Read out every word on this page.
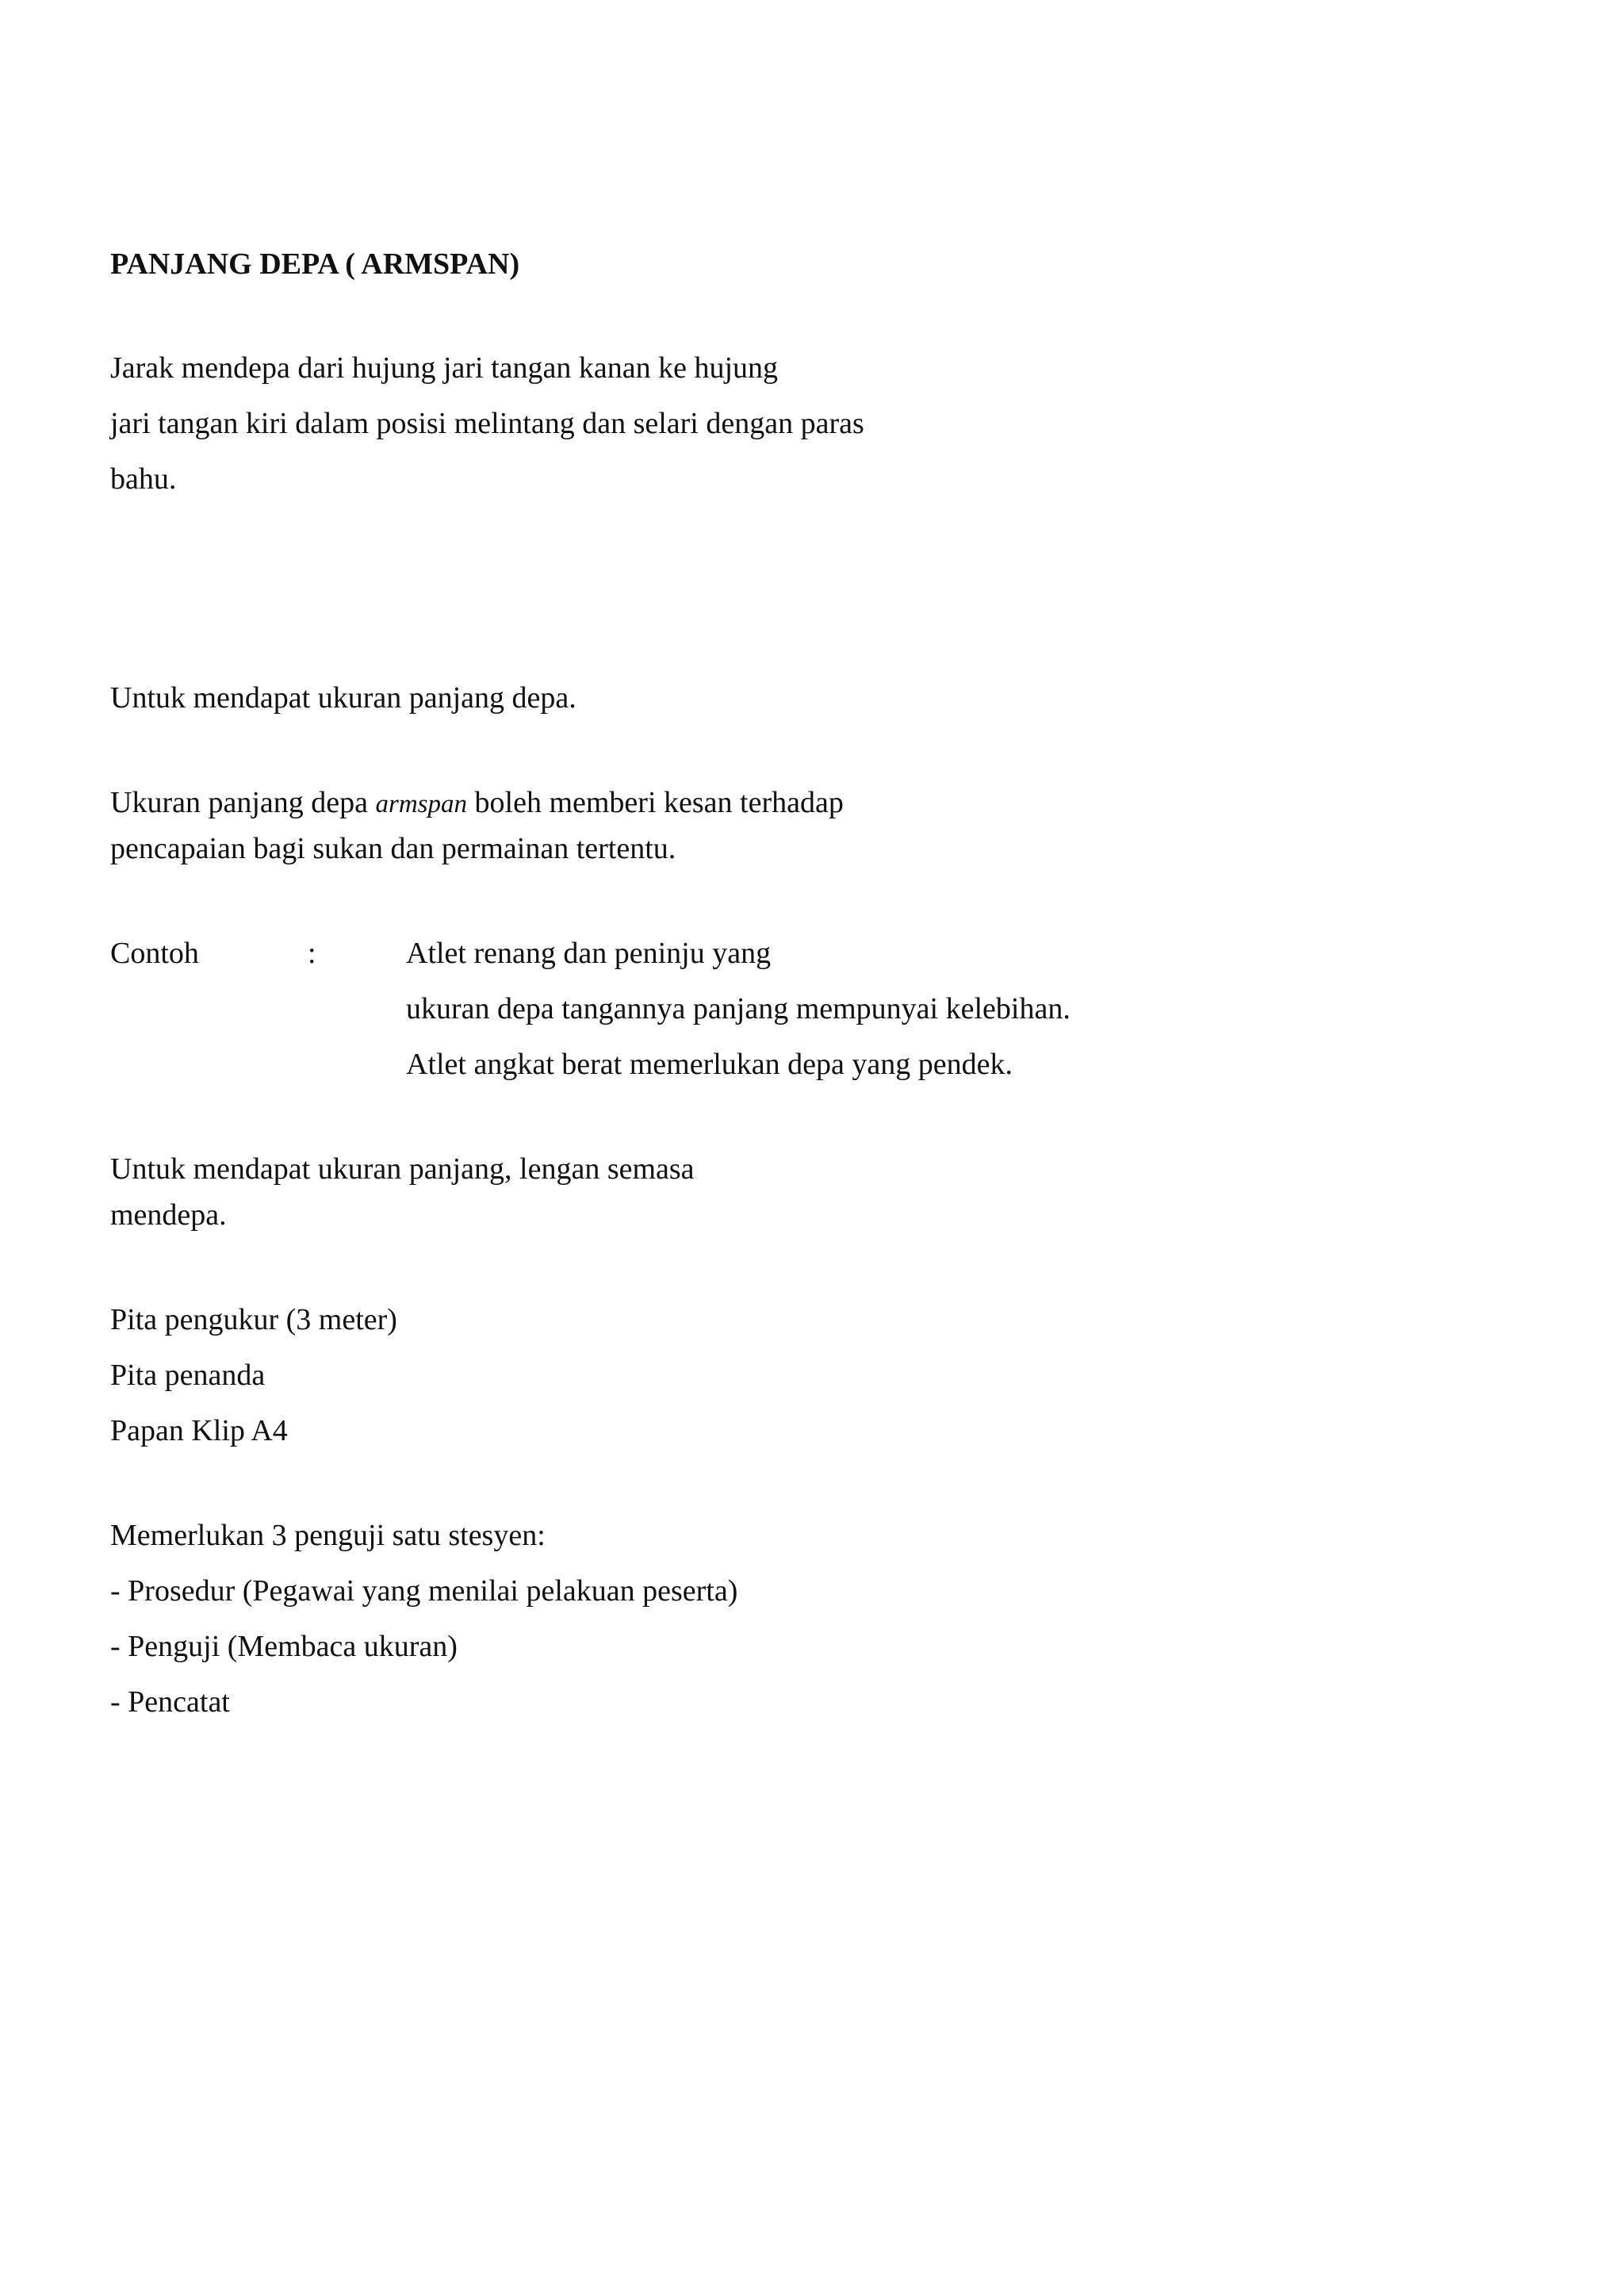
PANJANG DEPA ( ARMSPAN)

Jarak mendepa dari hujung jari tangan kanan ke hujung

jari tangan kiri dalam posisi melintang dan selari dengan paras

bahu.

Untuk mendapat ukuran panjang depa.

Ukuran panjang depa armspan boleh memberi kesan terhadap

pencapaian bagi sukan dan permainan tertentu.

Contoh	:	Atlet renang dan peninju yang

ukuran depa tangannya panjang mempunyai kelebihan.

Atlet angkat berat memerlukan depa yang pendek.

Untuk mendapat ukuran panjang, lengan semasa

mendepa.

Pita pengukur (3 meter)

Pita penanda

Papan Klip A4

Memerlukan 3 penguji satu stesyen:

- Prosedur (Pegawai yang menilai pelakuan peserta)

- Penguji (Membaca ukuran)

- Pencatat
